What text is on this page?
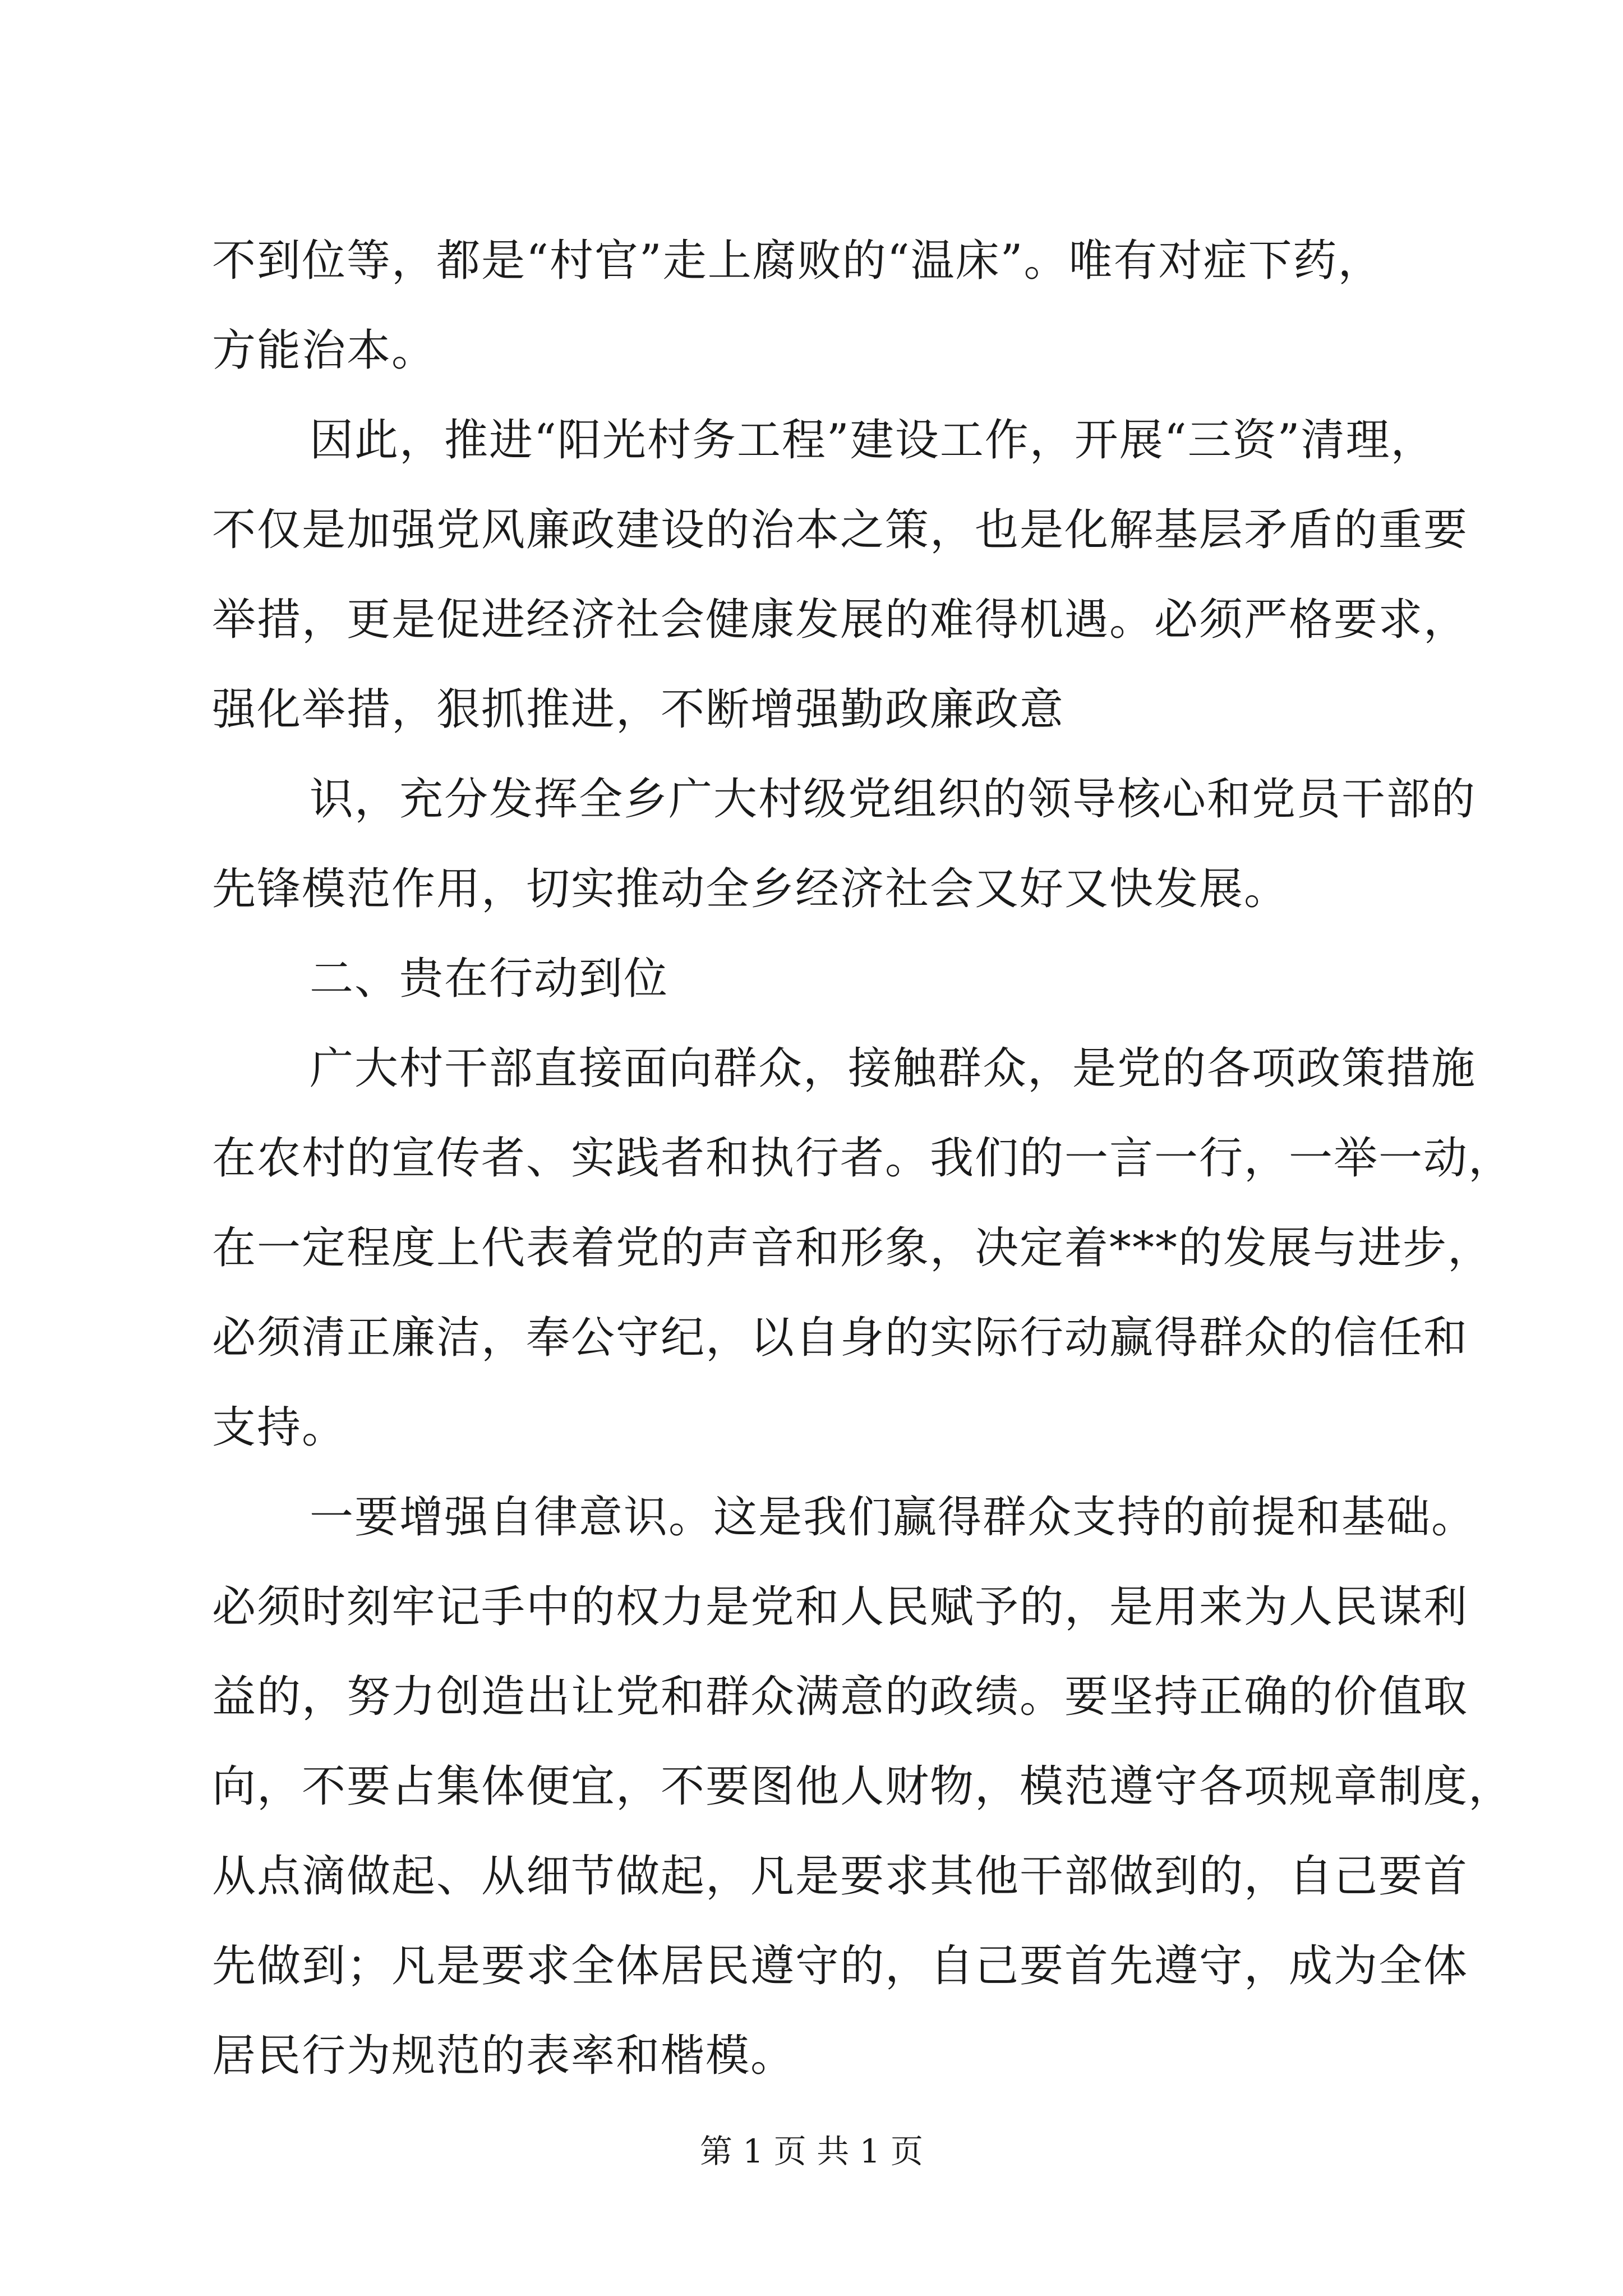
不到位等，都是“村官”走上腐败的“温床”。唯有对症下药，
方能治本。
因此，推进“阳光村务工程”建设工作，开展“三资”清理，
不仅是加强党风廉政建设的治本之策，也是化解基层矛盾的重要
举措，更是促进经济社会健康发展的难得机遇。必须严格要求，
强化举措，狠抓推进，不断增强勤政廉政意
识，充分发挥全乡广大村级党组织的领导核心和党员干部的
先锋模范作用，切实推动全乡经济社会又好又快发展。
二、贵在行动到位
广大村干部直接面向群众，接触群众，是党的各项政策措施
在农村的宣传者、实践者和执行者。我们的一言一行，一举一动，
在一定程度上代表着党的声音和形象，决定着***的发展与进步，
必须清正廉洁，奉公守纪，以自身的实际行动赢得群众的信任和
支持。
一要增强自律意识。这是我们赢得群众支持的前提和基础。
必须时刻牢记手中的权力是党和人民赋予的，是用来为人民谋利
益的，努力创造出让党和群众满意的政绩。要坚持正确的价值取
向，不要占集体便宜，不要图他人财物，模范遵守各项规章制度，
从点滴做起、从细节做起，凡是要求其他干部做到的，自己要首
先做到；凡是要求全体居民遵守的，自己要首先遵守，成为全体
居民行为规范的表率和楷模。
第 1 页 共 1 页
